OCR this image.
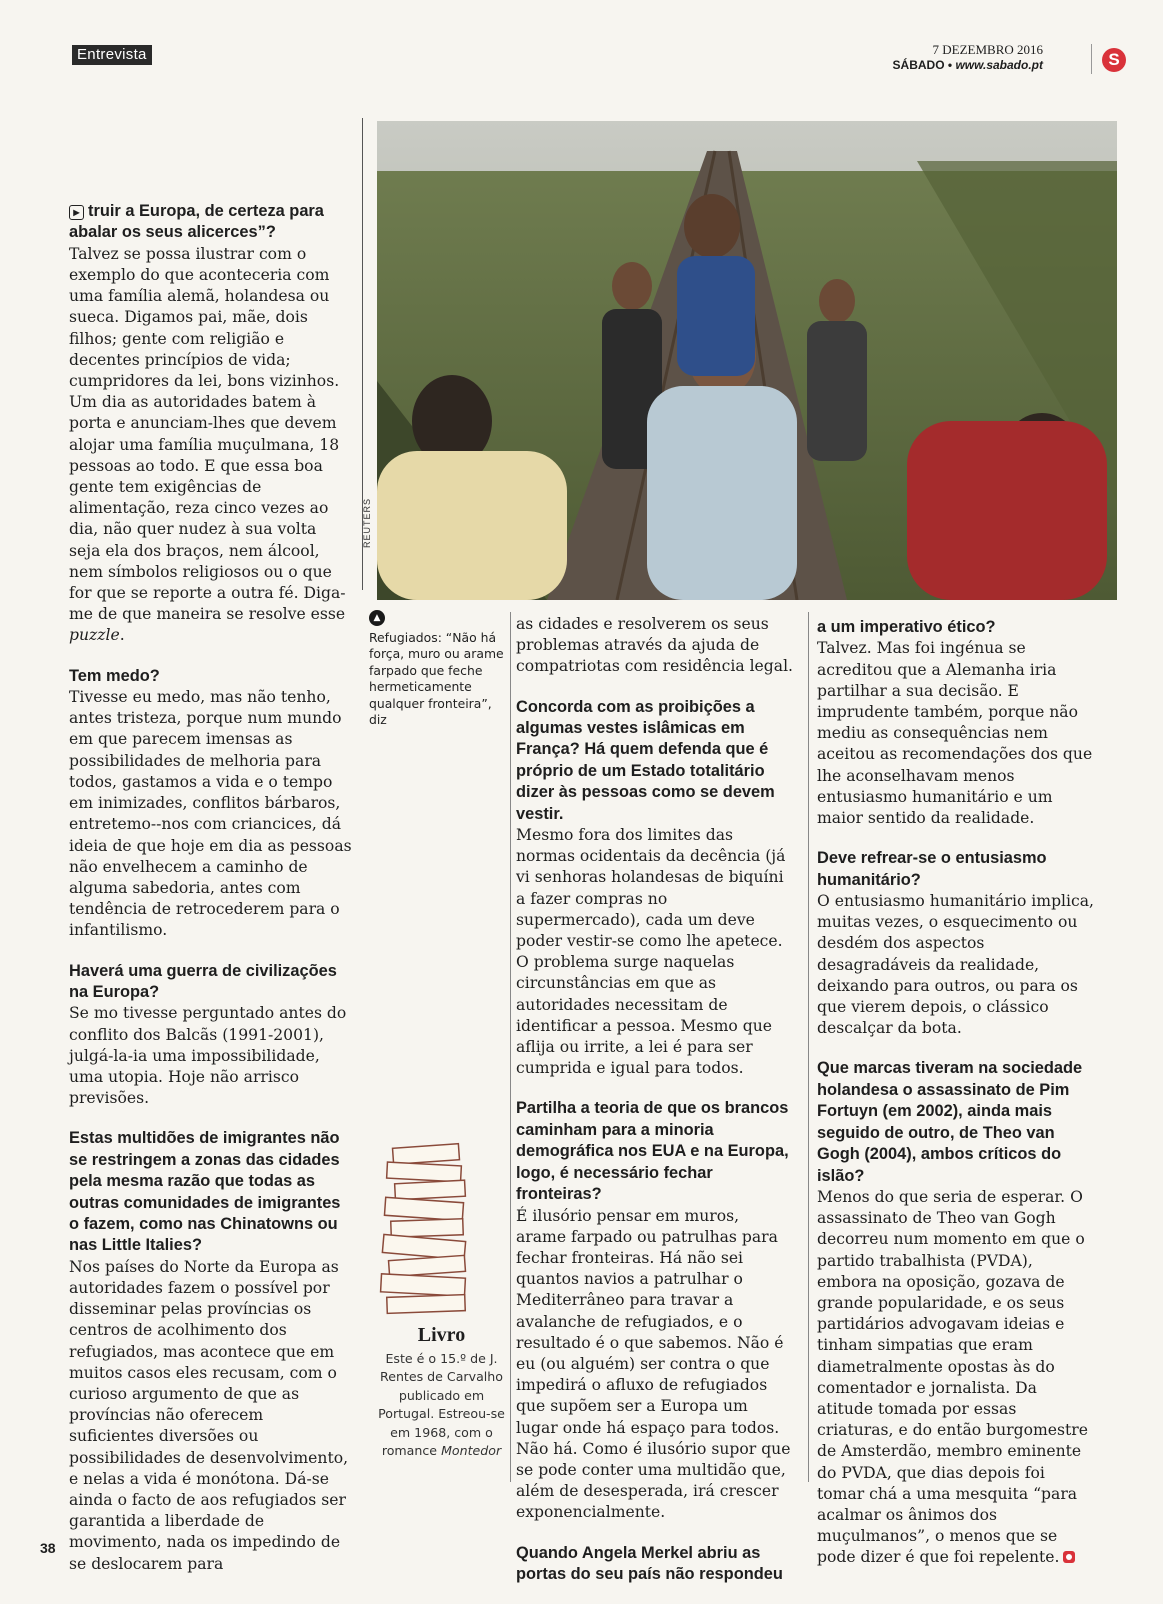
Entrevista	7 DEZEMBRO 2016
SÁBADO • www.sabado.pt	S
REUTERS
▲
Refugiados: “Não há força, muro ou arame farpado que feche hermeticamente qualquer fronteira”, diz
Livro
Este é o 15.º de J. Rentes de Carvalho publicado em Portugal. Estreou-se em 1968, com o romance Montedor

▶ truir a Europa, de certeza para abalar os seus alicerces”?
Talvez se possa ilustrar com o exemplo do que aconteceria com uma família alemã, holandesa ou sueca. Digamos pai, mãe, dois filhos; gente com religião e decentes princípios de vida; cumpridores da lei, bons vizinhos. Um dia as autoridades batem à porta e anunciam-lhes que devem alojar uma família muçulmana, 18 pessoas ao todo. E que essa boa gente tem exigências de alimentação, reza cinco vezes ao dia, não quer nudez à sua volta seja ela dos braços, nem álcool, nem símbolos religiosos ou o que for que se reporte a outra fé. Diga-me de que maneira se resolve esse puzzle.

Tem medo?
Tivesse eu medo, mas não tenho, antes tristeza, porque num mundo em que parecem imensas as possibilidades de melhoria para todos, gastamos a vida e o tempo em inimizades, conflitos bárbaros, entretemo--nos com criancices, dá ideia de que hoje em dia as pessoas não envelhecem a caminho de alguma sabedoria, antes com tendência de retrocederem para o infantilismo.

Haverá uma guerra de civilizações na Europa?
Se mo tivesse perguntado antes do conflito dos Balcãs (1991-2001), julgá-la-ia uma impossibilidade, uma utopia. Hoje não arrisco previsões.

Estas multidões de imigrantes não se restringem a zonas das cidades pela mesma razão que todas as outras comunidades de imigrantes o fazem, como nas Chinatowns ou nas Little Italies?
Nos países do Norte da Europa as autoridades fazem o possível por disseminar pelas províncias os centros de acolhimento dos refugiados, mas acontece que em muitos casos eles recusam, com o curioso argumento de que as províncias não oferecem suficientes diversões ou possibilidades de desenvolvimento, e nelas a vida é monótona. Dá-se ainda o facto de aos refugiados ser garantida a liberdade de movimento, nada os impedindo de se deslocarem para

as cidades e resolverem os seus problemas através da ajuda de compatriotas com residência legal.

Concorda com as proibições a algumas vestes islâmicas em França? Há quem defenda que é próprio de um Estado totalitário dizer às pessoas como se devem vestir.
Mesmo fora dos limites das normas ocidentais da decência (já vi senhoras holandesas de biquíni a fazer compras no supermercado), cada um deve poder vestir-se como lhe apetece. O problema surge naquelas circunstâncias em que as autoridades necessitam de identificar a pessoa. Mesmo que aflija ou irrite, a lei é para ser cumprida e igual para todos.

Partilha a teoria de que os brancos caminham para a minoria demográfica nos EUA e na Europa, logo, é necessário fechar fronteiras?
É ilusório pensar em muros, arame farpado ou patrulhas para fechar fronteiras. Há não sei quantos navios a patrulhar o Mediterrâneo para travar a avalanche de refugiados, e o resultado é o que sabemos. Não é eu (ou alguém) ser contra o que impedirá o afluxo de refugiados que supõem ser a Europa um lugar onde há espaço para todos. Não há. Como é ilusório supor que se pode conter uma multidão que, além de desesperada, irá crescer exponencialmente.

Quando Angela Merkel abriu as portas do seu país não respondeu

a um imperativo ético?
Talvez. Mas foi ingénua se acreditou que a Alemanha iria partilhar a sua decisão. E imprudente também, porque não mediu as consequências nem aceitou as recomendações dos que lhe aconselhavam menos entusiasmo humanitário e um maior sentido da realidade.

Deve refrear-se o entusiasmo humanitário?
O entusiasmo humanitário implica, muitas vezes, o esquecimento ou desdém dos aspectos desagradáveis da realidade, deixando para outros, ou para os que vierem depois, o clássico descalçar da bota.

Que marcas tiveram na sociedade holandesa o assassinato de Pim Fortuyn (em 2002), ainda mais seguido de outro, de Theo van Gogh (2004), ambos críticos do islão?
Menos do que seria de esperar. O assassinato de Theo van Gogh decorreu num momento em que o partido trabalhista (PVDA), embora na oposição, gozava de grande popularidade, e os seus partidários advogavam ideias e tinham simpatias que eram diametralmente opostas às do comentador e jornalista. Da atitude tomada por essas criaturas, e do então burgomestre de Amsterdão, membro eminente do PVDA, que dias depois foi tomar chá a uma mesquita “para acalmar os ânimos dos muçulmanos”, o menos que se pode dizer é que foi repelente.

38
